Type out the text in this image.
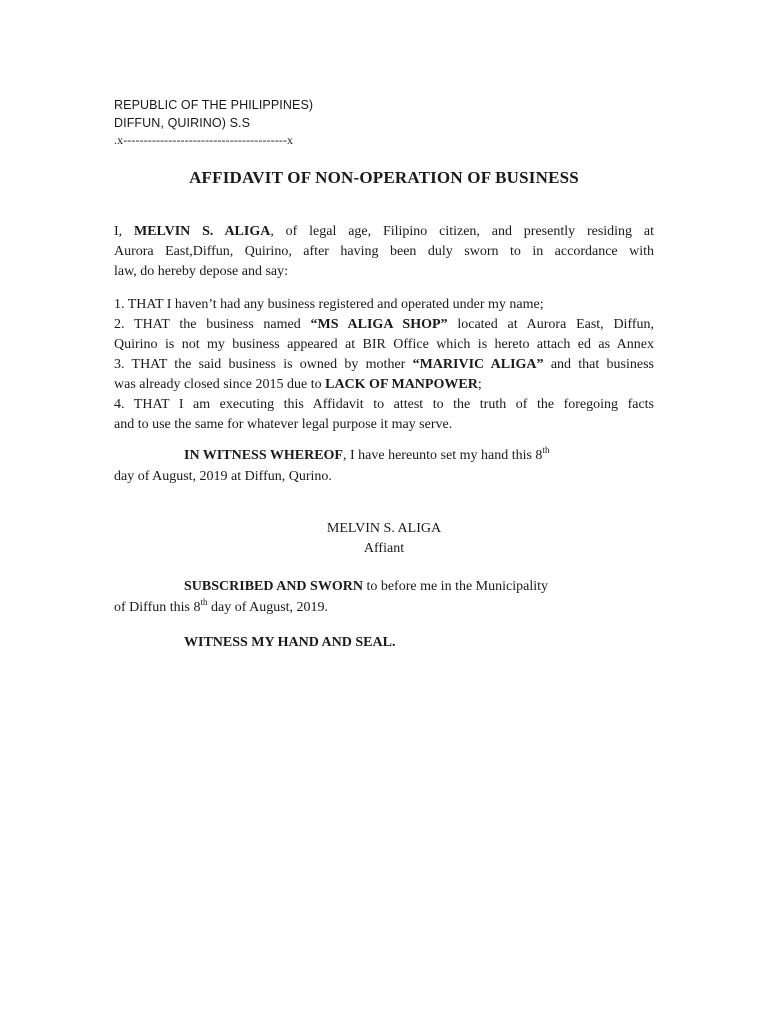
REPUBLIC OF THE PHILIPPINES)
DIFFUN, QUIRINO) S.S
.x----------------------------------------x
AFFIDAVIT OF NON-OPERATION OF BUSINESS
I, MELVIN S. ALIGA, of legal age, Filipino citizen, and presently residing at
Aurora East,Diffun, Quirino, after having been duly sworn to in accordance with
law, do hereby depose and say:
1. THAT I haven’t had any business registered and operated under my name;
2. THAT the business named “MS ALIGA SHOP” located at Aurora East, Diffun,
Quirino is not my business appeared at BIR Office which is hereto attach ed as Annex
3. THAT the said business is owned by mother “MARIVIC ALIGA” and that business
was already closed since 2015 due to LACK OF MANPOWER;
4. THAT I am executing this Affidavit to attest to the truth of the foregoing facts
and to use the same for whatever legal purpose it may serve.
IN WITNESS WHEREOF, I have hereunto set my hand this 8th
day of August, 2019 at Diffun, Qurino.
MELVIN S. ALIGA
Affiant
SUBSCRIBED AND SWORN to before me in the Municipality
of Diffun this 8th day of August, 2019.
WITNESS MY HAND AND SEAL.
